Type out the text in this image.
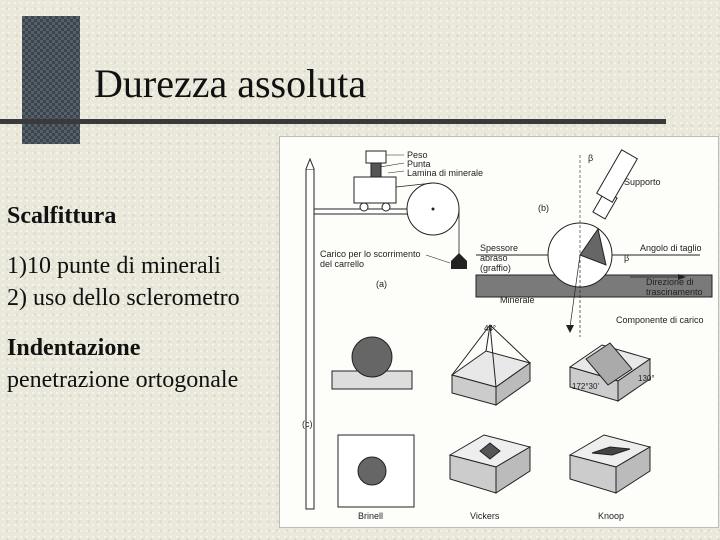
Durezza assoluta

Scalfittura

1)10 punte di minerali

2) uso dello sclerometro

Indentazione

penetrazione ortogonale

Peso
Punta
Lamina di minerale
Carico per lo scorrimento
del carrello
(a)
β
Supporto
(b)
Spessore
abraso
(graffio)
Angolo di taglio
β
Direzione di
trascinamento
Minerale
Componente di carico
44°
172°30'
130°
(c)
Brinell	Vickers	Knoop
